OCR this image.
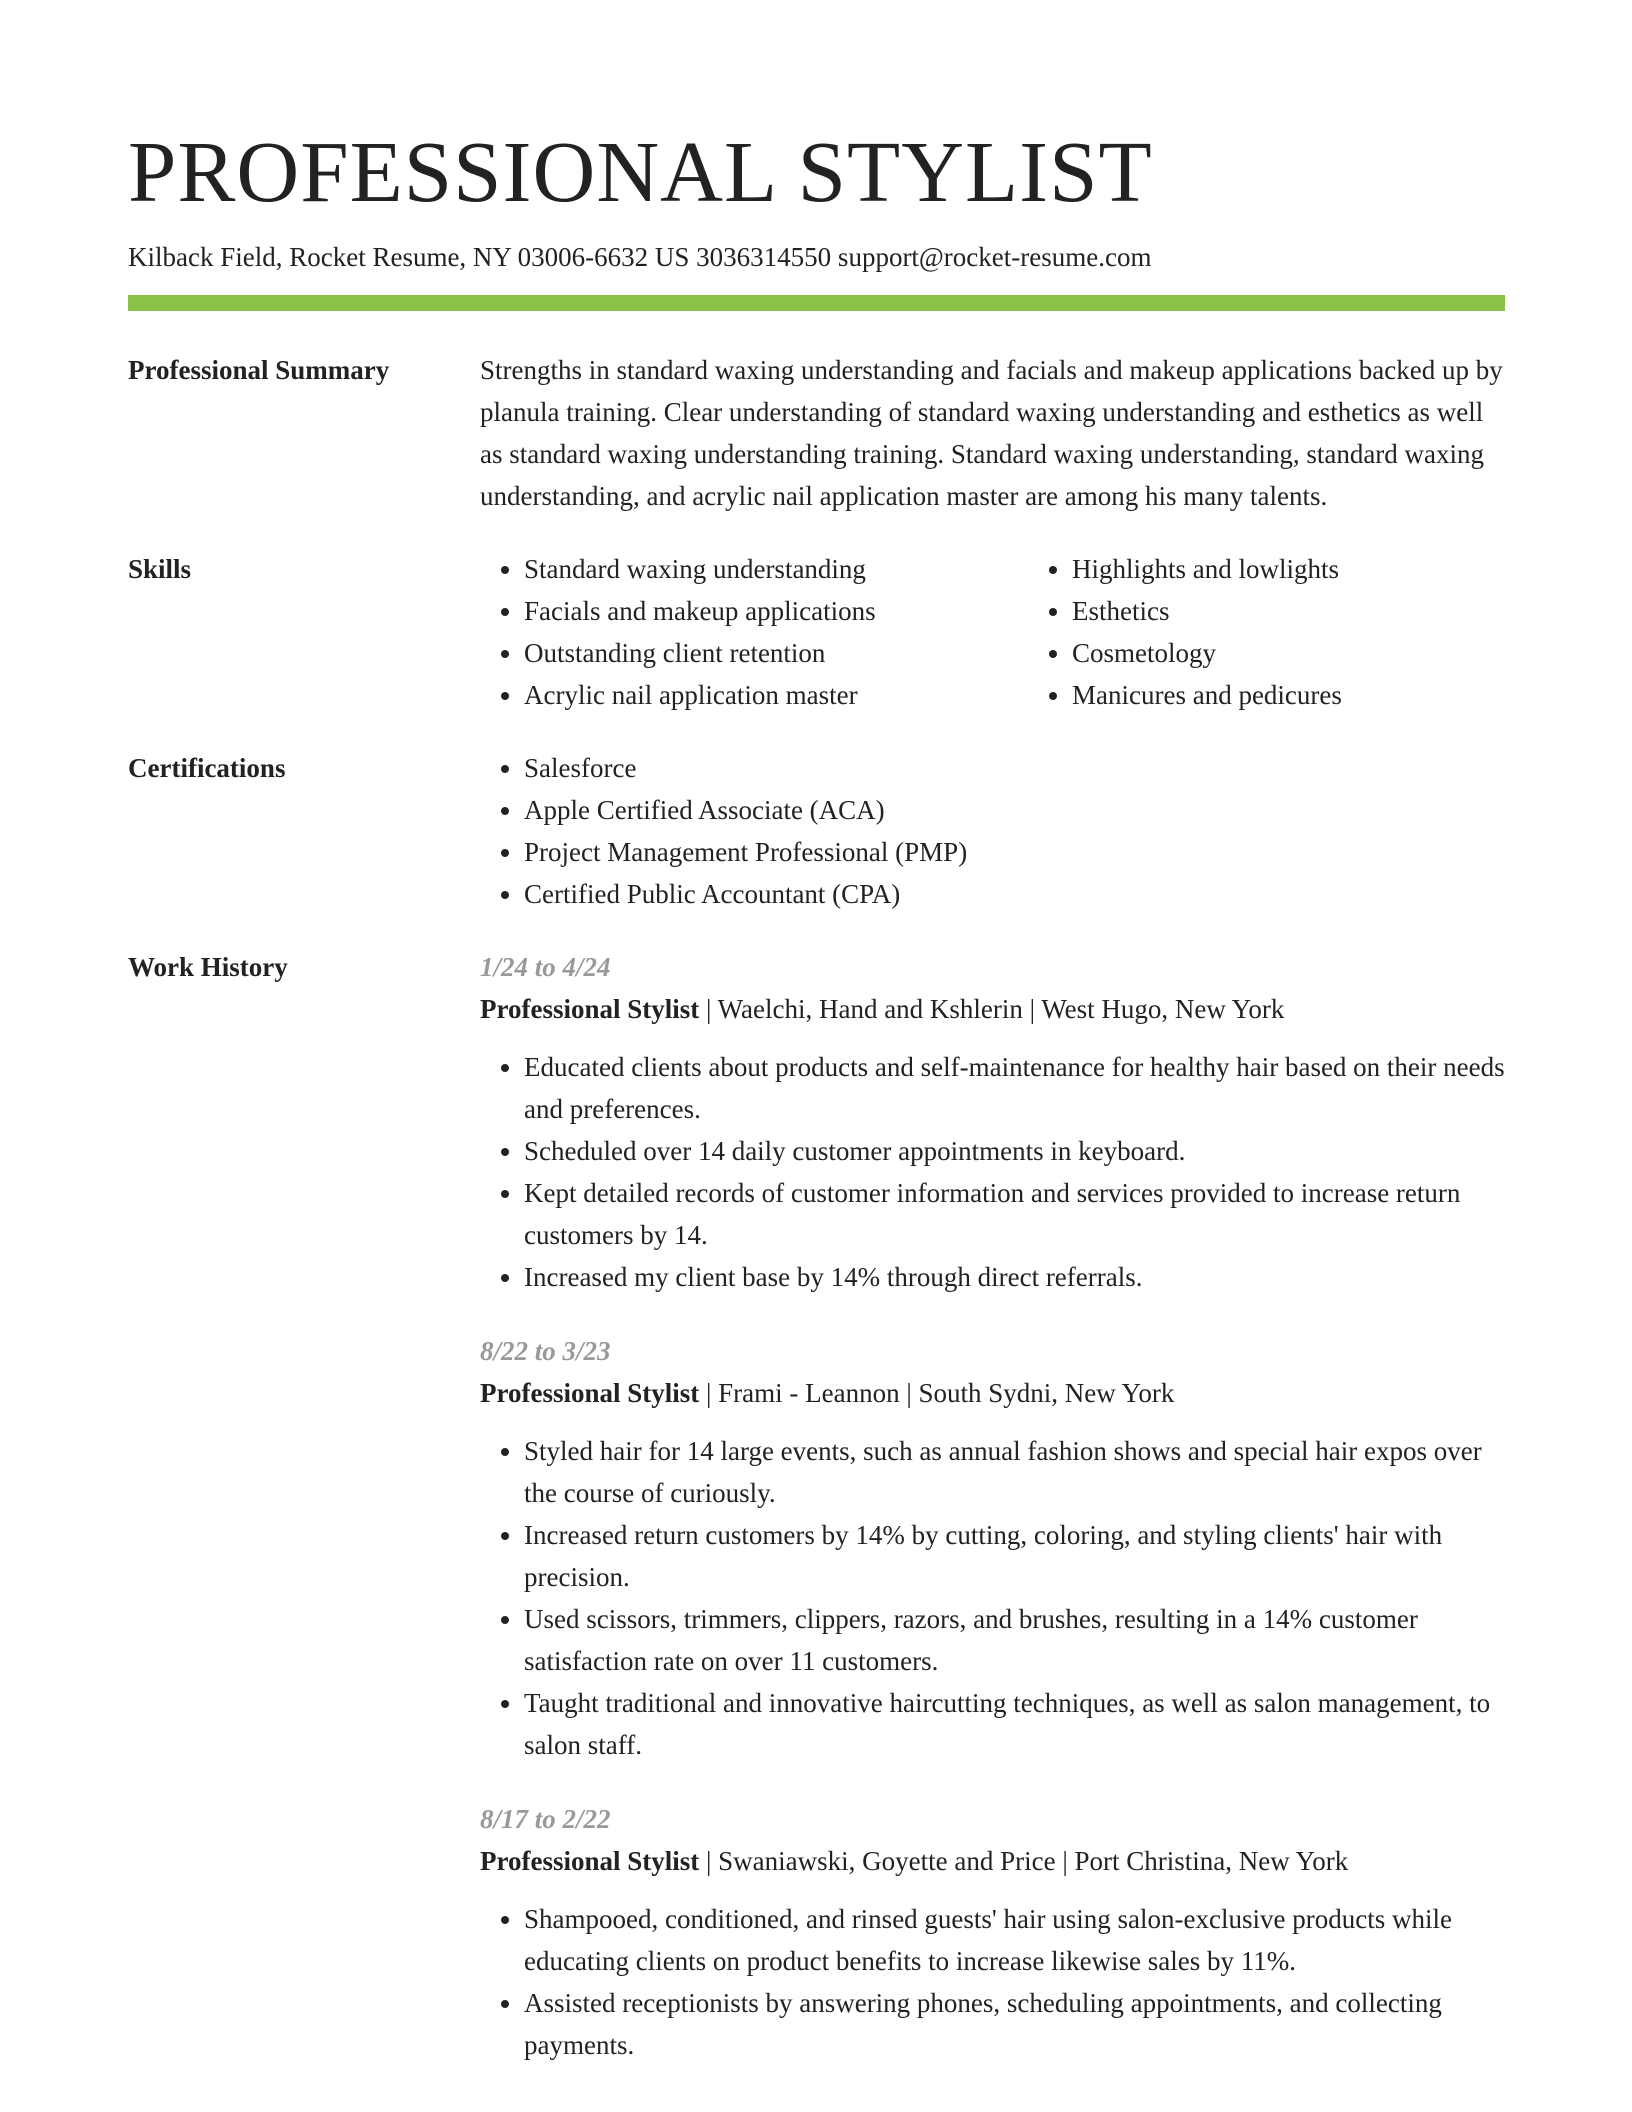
PROFESSIONAL STYLIST
Kilback Field, Rocket Resume, NY 03006-6632 US 3036314550 support@rocket-resume.com
Professional Summary	Strengths in standard waxing understanding and facials and makeup applications backed up by planula training. Clear understanding of standard waxing understanding and esthetics as well as standard waxing understanding training. Standard waxing understanding, standard waxing understanding, and acrylic nail application master are among his many talents.

Skills	• Standard waxing understanding
• Facials and makeup applications
• Outstanding client retention
• Acrylic nail application master
• Highlights and lowlights
• Esthetics
• Cosmetology
• Manicures and pedicures
Certifications	• Salesforce
• Apple Certified Associate (ACA)
• Project Management Professional (PMP)
• Certified Public Accountant (CPA)
Work History	1/24 to 4/24
Professional Stylist | Waelchi, Hand and Kshlerin | West Hugo, New York
• Educated clients about products and self-maintenance for healthy hair based on their needs and preferences.
• Scheduled over 14 daily customer appointments in keyboard.
• Kept detailed records of customer information and services provided to increase return customers by 14.
• Increased my client base by 14% through direct referrals.
8/22 to 3/23
Professional Stylist | Frami - Leannon | South Sydni, New York
• Styled hair for 14 large events, such as annual fashion shows and special hair expos over the course of curiously.
• Increased return customers by 14% by cutting, coloring, and styling clients' hair with precision.
• Used scissors, trimmers, clippers, razors, and brushes, resulting in a 14% customer satisfaction rate on over 11 customers.
• Taught traditional and innovative haircutting techniques, as well as salon management, to salon staff.
8/17 to 2/22
Professional Stylist | Swaniawski, Goyette and Price | Port Christina, New York
• Shampooed, conditioned, and rinsed guests' hair using salon-exclusive products while educating clients on product benefits to increase likewise sales by 11%.
• Assisted receptionists by answering phones, scheduling appointments, and collecting payments.
